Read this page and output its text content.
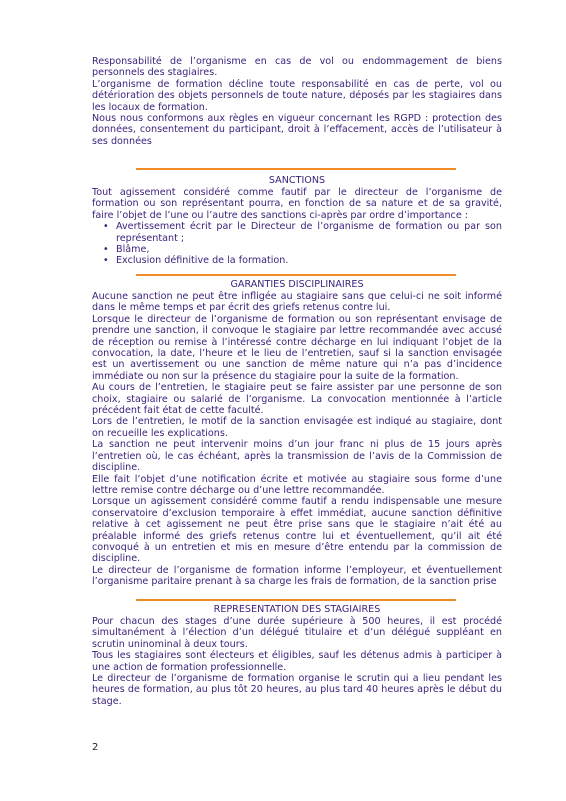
Responsabilité de l’organisme en cas de vol ou endommagement de biens personnels des stagiaires.

L’organisme de formation décline toute responsabilité en cas de perte, vol ou détérioration des objets personnels de toute nature, déposés par les stagiaires dans les locaux de formation.

Nous nous conformons aux règles en vigueur concernant les RGPD : protection des données, consentement du participant, droit à l’effacement, accès de l’utilisateur à ses données

SANCTIONS

Tout agissement considéré comme fautif par le directeur de l’organisme de formation ou son représentant pourra, en fonction de sa nature et de sa gravité, faire l’objet de l’une ou l’autre des sanctions ci-après par ordre d’importance :

• Avertissement écrit par le Directeur de l’organisme de formation ou par son représentant ;
• Blâme,
• Exclusion définitive de la formation.
GARANTIES DISCIPLINAIRES

Aucune sanction ne peut être infligée au stagiaire sans que celui-ci ne soit informé dans le même temps et par écrit des griefs retenus contre lui.

Lorsque le directeur de l’organisme de formation ou son représentant envisage de prendre une sanction, il convoque le stagiaire par lettre recommandée avec accusé de réception ou remise à l’intéressé contre décharge en lui indiquant l’objet de la convocation, la date, l’heure et le lieu de l’entretien, sauf si la sanction envisagée est un avertissement ou une sanction de même nature qui n’a pas d’incidence immédiate ou non sur la présence du stagiaire pour la suite de la formation.

Au cours de l’entretien, le stagiaire peut se faire assister par une personne de son choix, stagiaire ou salarié de l’organisme. La convocation mentionnée à l’article précédent fait état de cette faculté.

Lors de l’entretien, le motif de la sanction envisagée est indiqué au stagiaire, dont on recueille les explications.

La sanction ne peut intervenir moins d’un jour franc ni plus de 15 jours après l’entretien où, le cas échéant, après la transmission de l’avis de la Commission de discipline.

Elle fait l’objet d’une notification écrite et motivée au stagiaire sous forme d’une lettre remise contre décharge ou d’une lettre recommandée.

Lorsque un agissement considéré comme fautif a rendu indispensable une mesure conservatoire d’exclusion temporaire à effet immédiat, aucune sanction définitive relative à cet agissement ne peut être prise sans que le stagiaire n’ait été au préalable informé des griefs retenus contre lui et éventuellement, qu’il ait été convoqué à un entretien et mis en mesure d’être entendu par la commission de discipline.

Le directeur de l’organisme de formation informe l’employeur, et éventuellement l’organisme paritaire prenant à sa charge les frais de formation, de la sanction prise

REPRESENTATION DES STAGIAIRES

Pour chacun des stages d’une durée supérieure à 500 heures, il est procédé simultanément à l’élection d’un délégué titulaire et d’un délégué suppléant en scrutin uninominal à deux tours.

Tous les stagiaires sont électeurs et éligibles, sauf les détenus admis à participer à une action de formation professionnelle.

Le directeur de l’organisme de formation organise le scrutin qui a lieu pendant les heures de formation, au plus tôt 20 heures, au plus tard 40 heures après le début du stage.

2
